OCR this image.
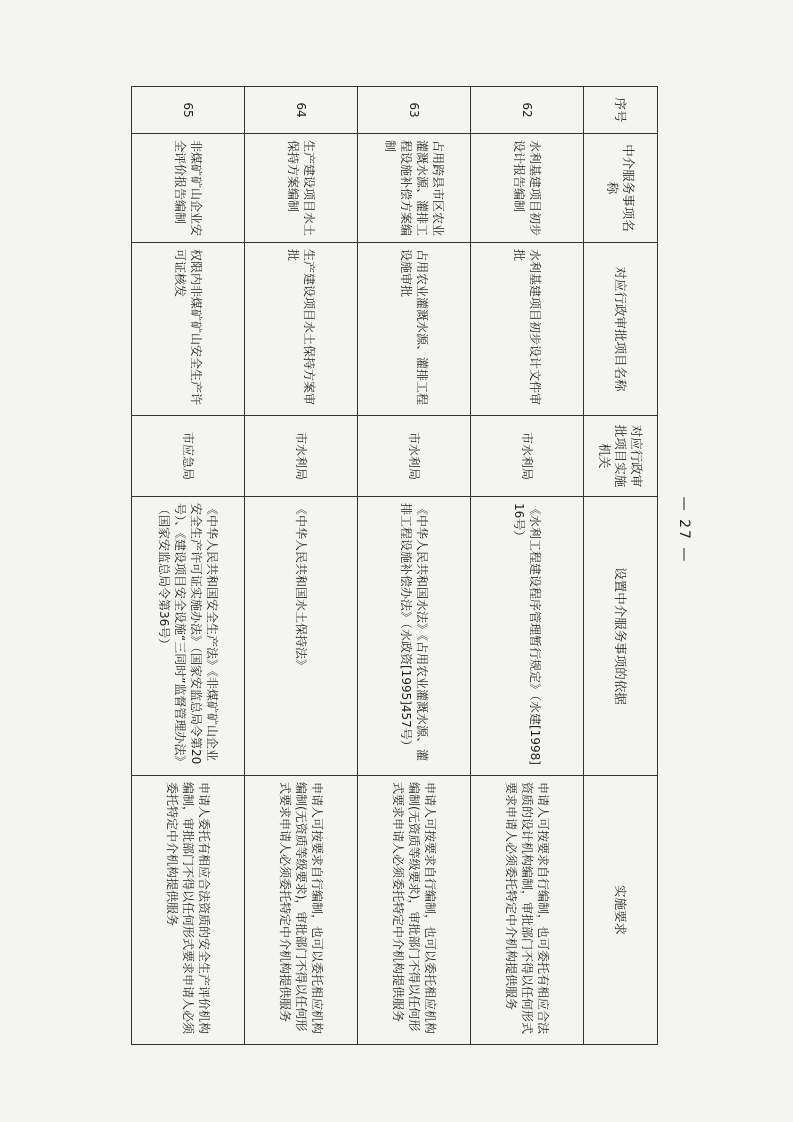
序号	中介服务事项名称	对应行政审批项目名称	对应行政审批项目实施机关	设置中介服务事项的依据	实施要求
62	水利基建项目初步设计报告编制	水利基建项目初步设计文件审批	市水利局	《水利工程建设程序管理暂行规定》（水建[1998]16号）	申请人可按要求自行编制，也可委托有相应合法资质的设计机构编制，审批部门不得以任何形式要求申请人必须委托特定中介机构提供服务
63	占用跨县市区农业灌溉水源、灌排工程设施补偿方案编制	占用农业灌溉水源、灌排工程设施审批	市水利局	《中华人民共和国水法》《占用农业灌溉水源、灌排工程设施补偿办法》（水政资[1995]457号）	申请人可按要求自行编制，也可以委托相应机构编制(无资质等级要求)，审批部门不得以任何形式要求申请人必须委托特定中介机构提供服务
64	生产建设项目水土保持方案编制	生产建设项目水土保持方案审批	市水利局	《中华人民共和国水土保持法》	申请人可按要求自行编制，也可以委托相应机构编制(无资质等级要求)，审批部门不得以任何形式要求申请人必须委托特定中介机构提供服务
65	非煤矿矿山企业安全评价报告编制	权限内非煤矿矿山安全生产许可证核发	市应急局	《中华人民共和国安全生产法》《非煤矿矿山企业安全生产许可证实施办法》（国家安监总局令第20号）、《建设项目安全设施“三同时”监督管理办法》（国家安监总局令第36号）	申请人委托有相应合法资质的安全生产评价机构编制，审批部门不得以任何形式要求申请人必须委托特定中介机构提供服务
— 27 —
